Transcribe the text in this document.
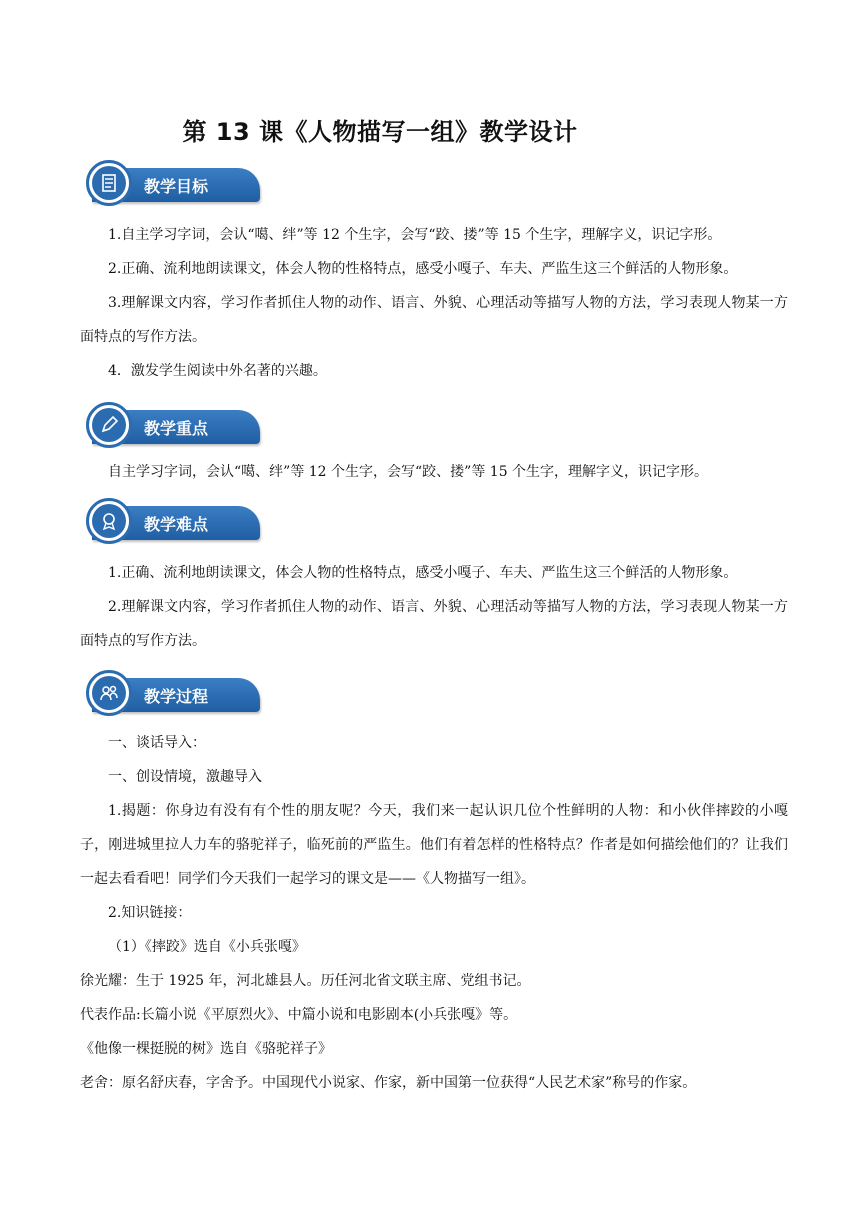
第 13 课《人物描写一组》教学设计
教学目标

1.自主学习字词，会认“噶、绊”等 12 个生字，会写“跤、搂”等 15 个生字，理解字义，识记字形。

2.正确、流利地朗读课文，体会人物的性格特点，感受小嘎子、车夫、严监生这三个鲜活的人物形象。

3.理解课文内容，学习作者抓住人物的动作、语言、外貌、心理活动等描写人物的方法，学习表现人物某一方面特点的写作方法。

4．激发学生阅读中外名著的兴趣。

教学重点

自主学习字词，会认“噶、绊”等 12 个生字，会写“跤、搂”等 15 个生字，理解字义，识记字形。

教学难点

1.正确、流利地朗读课文，体会人物的性格特点，感受小嘎子、车夫、严监生这三个鲜活的人物形象。

2.理解课文内容，学习作者抓住人物的动作、语言、外貌、心理活动等描写人物的方法，学习表现人物某一方面特点的写作方法。

教学过程

一、谈话导入：

一、创设情境，激趣导入

1.揭题：你身边有没有有个性的朋友呢？今天，我们来一起认识几位个性鲜明的人物：和小伙伴摔跤的小嘎子，刚进城里拉人力车的骆驼祥子，临死前的严监生。他们有着怎样的性格特点？作者是如何描绘他们的？让我们一起去看看吧！同学们今天我们一起学习的课文是——《人物描写一组》。

2.知识链接：

（1）《摔跤》选自《小兵张嘎》

徐光耀：生于 1925 年，河北雄县人。历任河北省文联主席、党组书记。

代表作品:长篇小说《平原烈火》、中篇小说和电影剧本(小兵张嘎》等。

《他像一棵挺脱的树》选自《骆驼祥子》

老舍：原名舒庆春，字舍予。中国现代小说家、作家，新中国第一位获得“人民艺术家”称号的作家。
